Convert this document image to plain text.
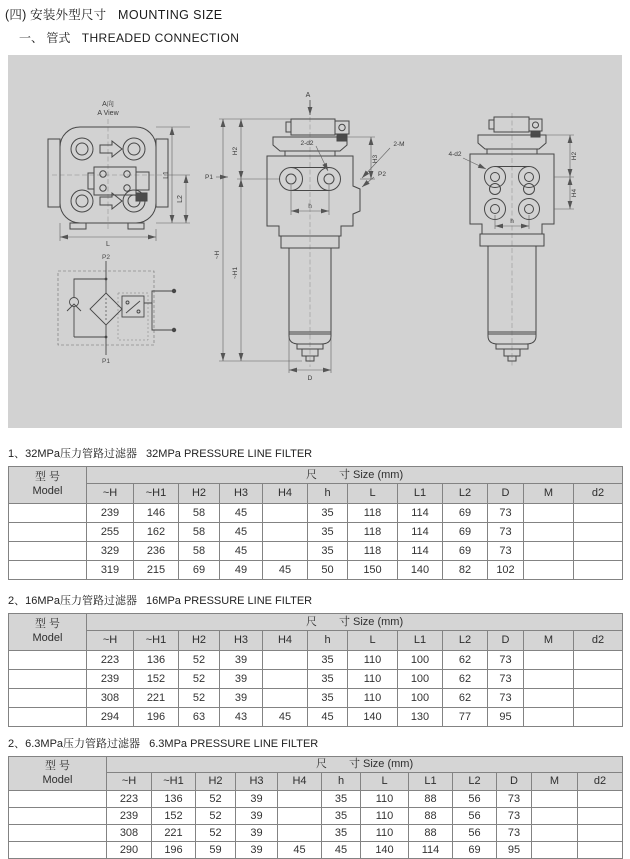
(四) 安装外型尺寸 MOUNTING SIZE
一、 管式 THREADED CONNECTION
A向
A View
L1
L2
L
P2
P1
A
2-d2
~H
H2
~H1
H3
2-M
P2
P1
h
D
4-d2	H2
H4
h
1、32MPa压力管路过滤器 32MPa PRESSURE LINE FILTER
型 号
Model	尺　　寸 Size (mm)											
	~H	~H1	H2	H3	H4	h	L	L1	L2	D	M	d2
	239	146	58	45		35	118	114	69	73		
	255	162	58	45		35	118	114	69	73		
	329	236	58	45		35	118	114	69	73		
	319	215	69	49	45	50	150	140	82	102		
2、16MPa压力管路过滤器 16MPa PRESSURE LINE FILTER
型 号
Model	尺　　寸 Size (mm)											
	~H	~H1	H2	H3	H4	h	L	L1	L2	D	M	d2
	223	136	52	39		35	110	100	62	73		
	239	152	52	39		35	110	100	62	73		
	308	221	52	39		35	110	100	62	73		
	294	196	63	43	45	45	140	130	77	95		
2、6.3MPa压力管路过滤器 6.3MPa PRESSURE LINE FILTER
型 号
Model	尺　　寸 Size (mm)											
	~H	~H1	H2	H3	H4	h	L	L1	L2	D	M	d2
	223	136	52	39		35	110	88	56	73		
	239	152	52	39		35	110	88	56	73		
	308	221	52	39		35	110	88	56	73		
	290	196	59	39	45	45	140	114	69	95		
